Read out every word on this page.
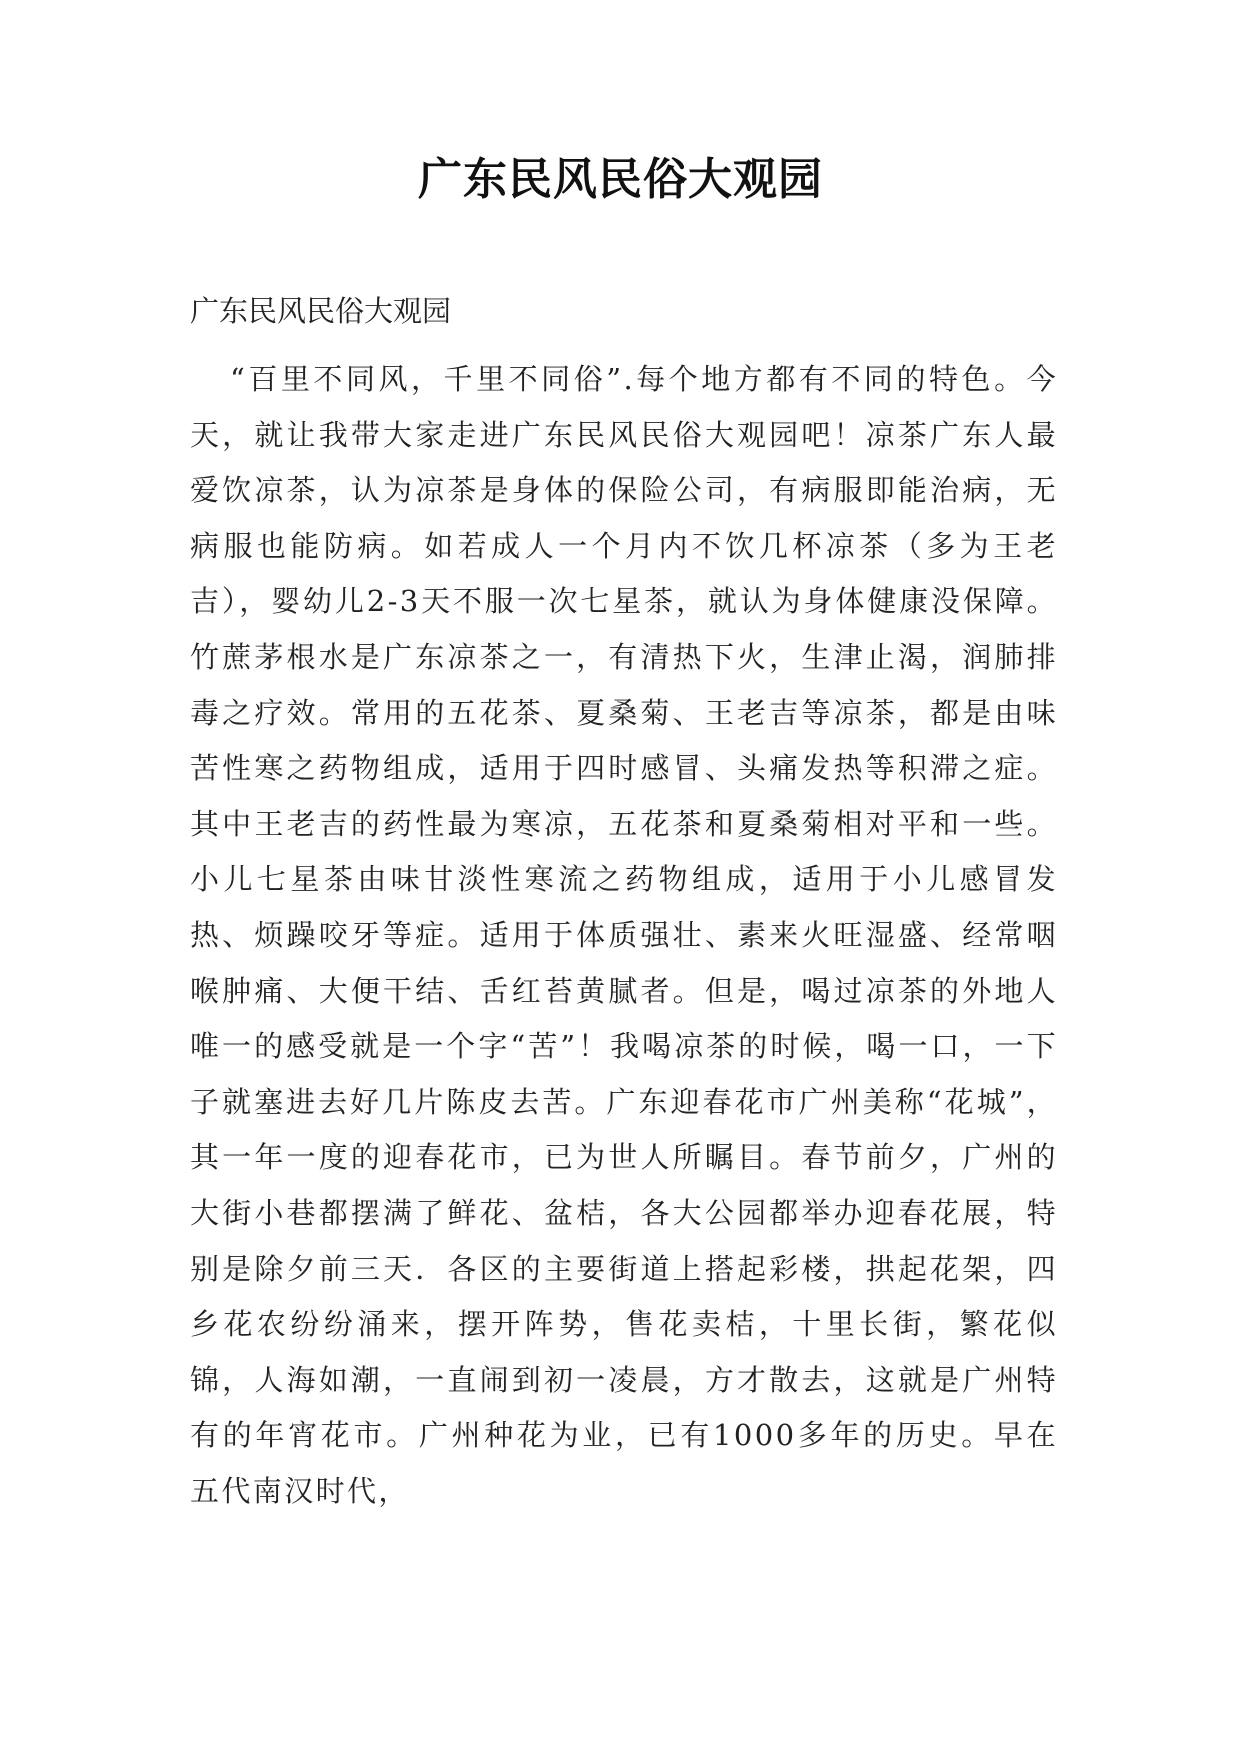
广东民风民俗大观园

广东民风民俗大观园

“百里不同风，千里不同俗”.每个地方都有不同的特色。今天，就让我带大家走进广东民风民俗大观园吧！凉茶广东人最爱饮凉茶，认为凉茶是身体的保险公司，有病服即能治病，无病服也能防病。如若成人一个月内不饮几杯凉茶（多为王老吉），婴幼儿2-3天不服一次七星茶，就认为身体健康没保障。竹蔗茅根水是广东凉茶之一，有清热下火，生津止渴，润肺排毒之疗效。常用的五花茶、夏桑菊、王老吉等凉茶，都是由味苦性寒之药物组成，适用于四时感冒、头痛发热等积滞之症。其中王老吉的药性最为寒凉，五花茶和夏桑菊相对平和一些。小儿七星茶由味甘淡性寒流之药物组成，适用于小儿感冒发热、烦躁咬牙等症。适用于体质强壮、素来火旺湿盛、经常咽喉肿痛、大便干结、舌红苔黄腻者。但是，喝过凉茶的外地人唯一的感受就是一个字“苦”！我喝凉茶的时候，喝一口，一下子就塞进去好几片陈皮去苦。广东迎春花市广州美称“花城”，其一年一度的迎春花市，已为世人所瞩目。春节前夕，广州的大街小巷都摆满了鲜花、盆桔，各大公园都举办迎春花展，特别是除夕前三天．各区的主要街道上搭起彩楼，拱起花架，四乡花农纷纷涌来，摆开阵势，售花卖桔，十里长街，繁花似锦，人海如潮，一直闹到初一凌晨，方才散去，这就是广州特有的年宵花市。广州种花为业，已有1000多年的历史。早在五代南汉时代，
